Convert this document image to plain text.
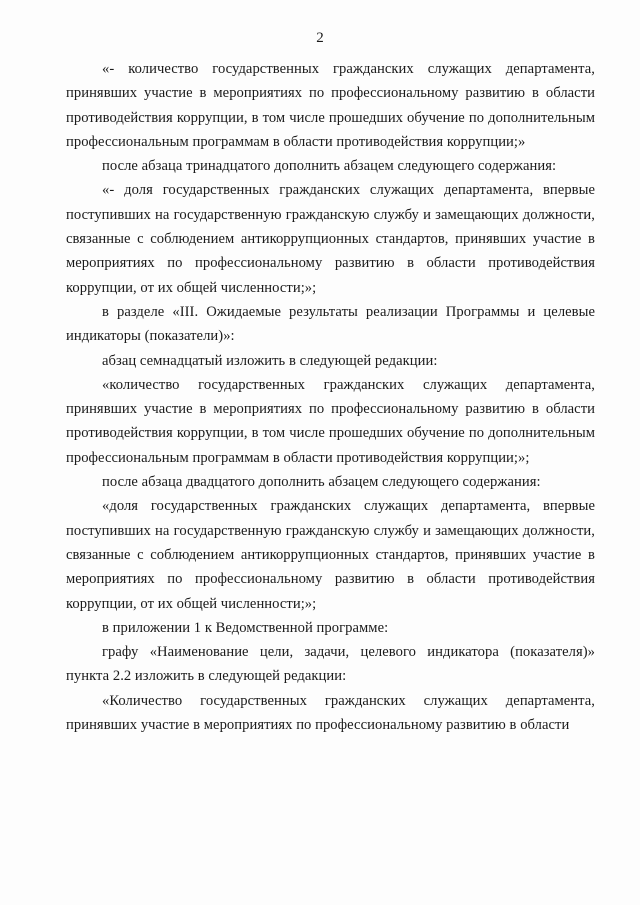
2

«- количество государственных гражданских служащих департамента, принявших участие в мероприятиях по профессиональному развитию в области противодействия коррупции, в том числе прошедших обучение по дополнительным профессиональным программам в области противодействия коррупции;»

после абзаца тринадцатого дополнить абзацем следующего содержания:

«- доля государственных гражданских служащих департамента, впервые поступивших на государственную гражданскую службу и замещающих должности, связанные с соблюдением антикоррупционных стандартов, принявших участие в мероприятиях по профессиональному развитию в области противодействия коррупции, от их общей численности;»;

в разделе «III. Ожидаемые результаты реализации Программы и целевые индикаторы (показатели)»:

абзац семнадцатый изложить в следующей редакции:

«количество государственных гражданских служащих департамента, принявших участие в мероприятиях по профессиональному развитию в области противодействия коррупции, в том числе прошедших обучение по дополнительным профессиональным программам в области противодействия коррупции;»;

после абзаца двадцатого дополнить абзацем следующего содержания:

«доля государственных гражданских служащих департамента, впервые поступивших на государственную гражданскую службу и замещающих должности, связанные с соблюдением антикоррупционных стандартов, принявших участие в мероприятиях по профессиональному развитию в области противодействия коррупции, от их общей численности;»;

в приложении 1 к Ведомственной программе:

графу «Наименование цели, задачи, целевого индикатора (показателя)» пункта 2.2 изложить в следующей редакции:

«Количество государственных гражданских служащих департамента, принявших участие в мероприятиях по профессиональному развитию в области
